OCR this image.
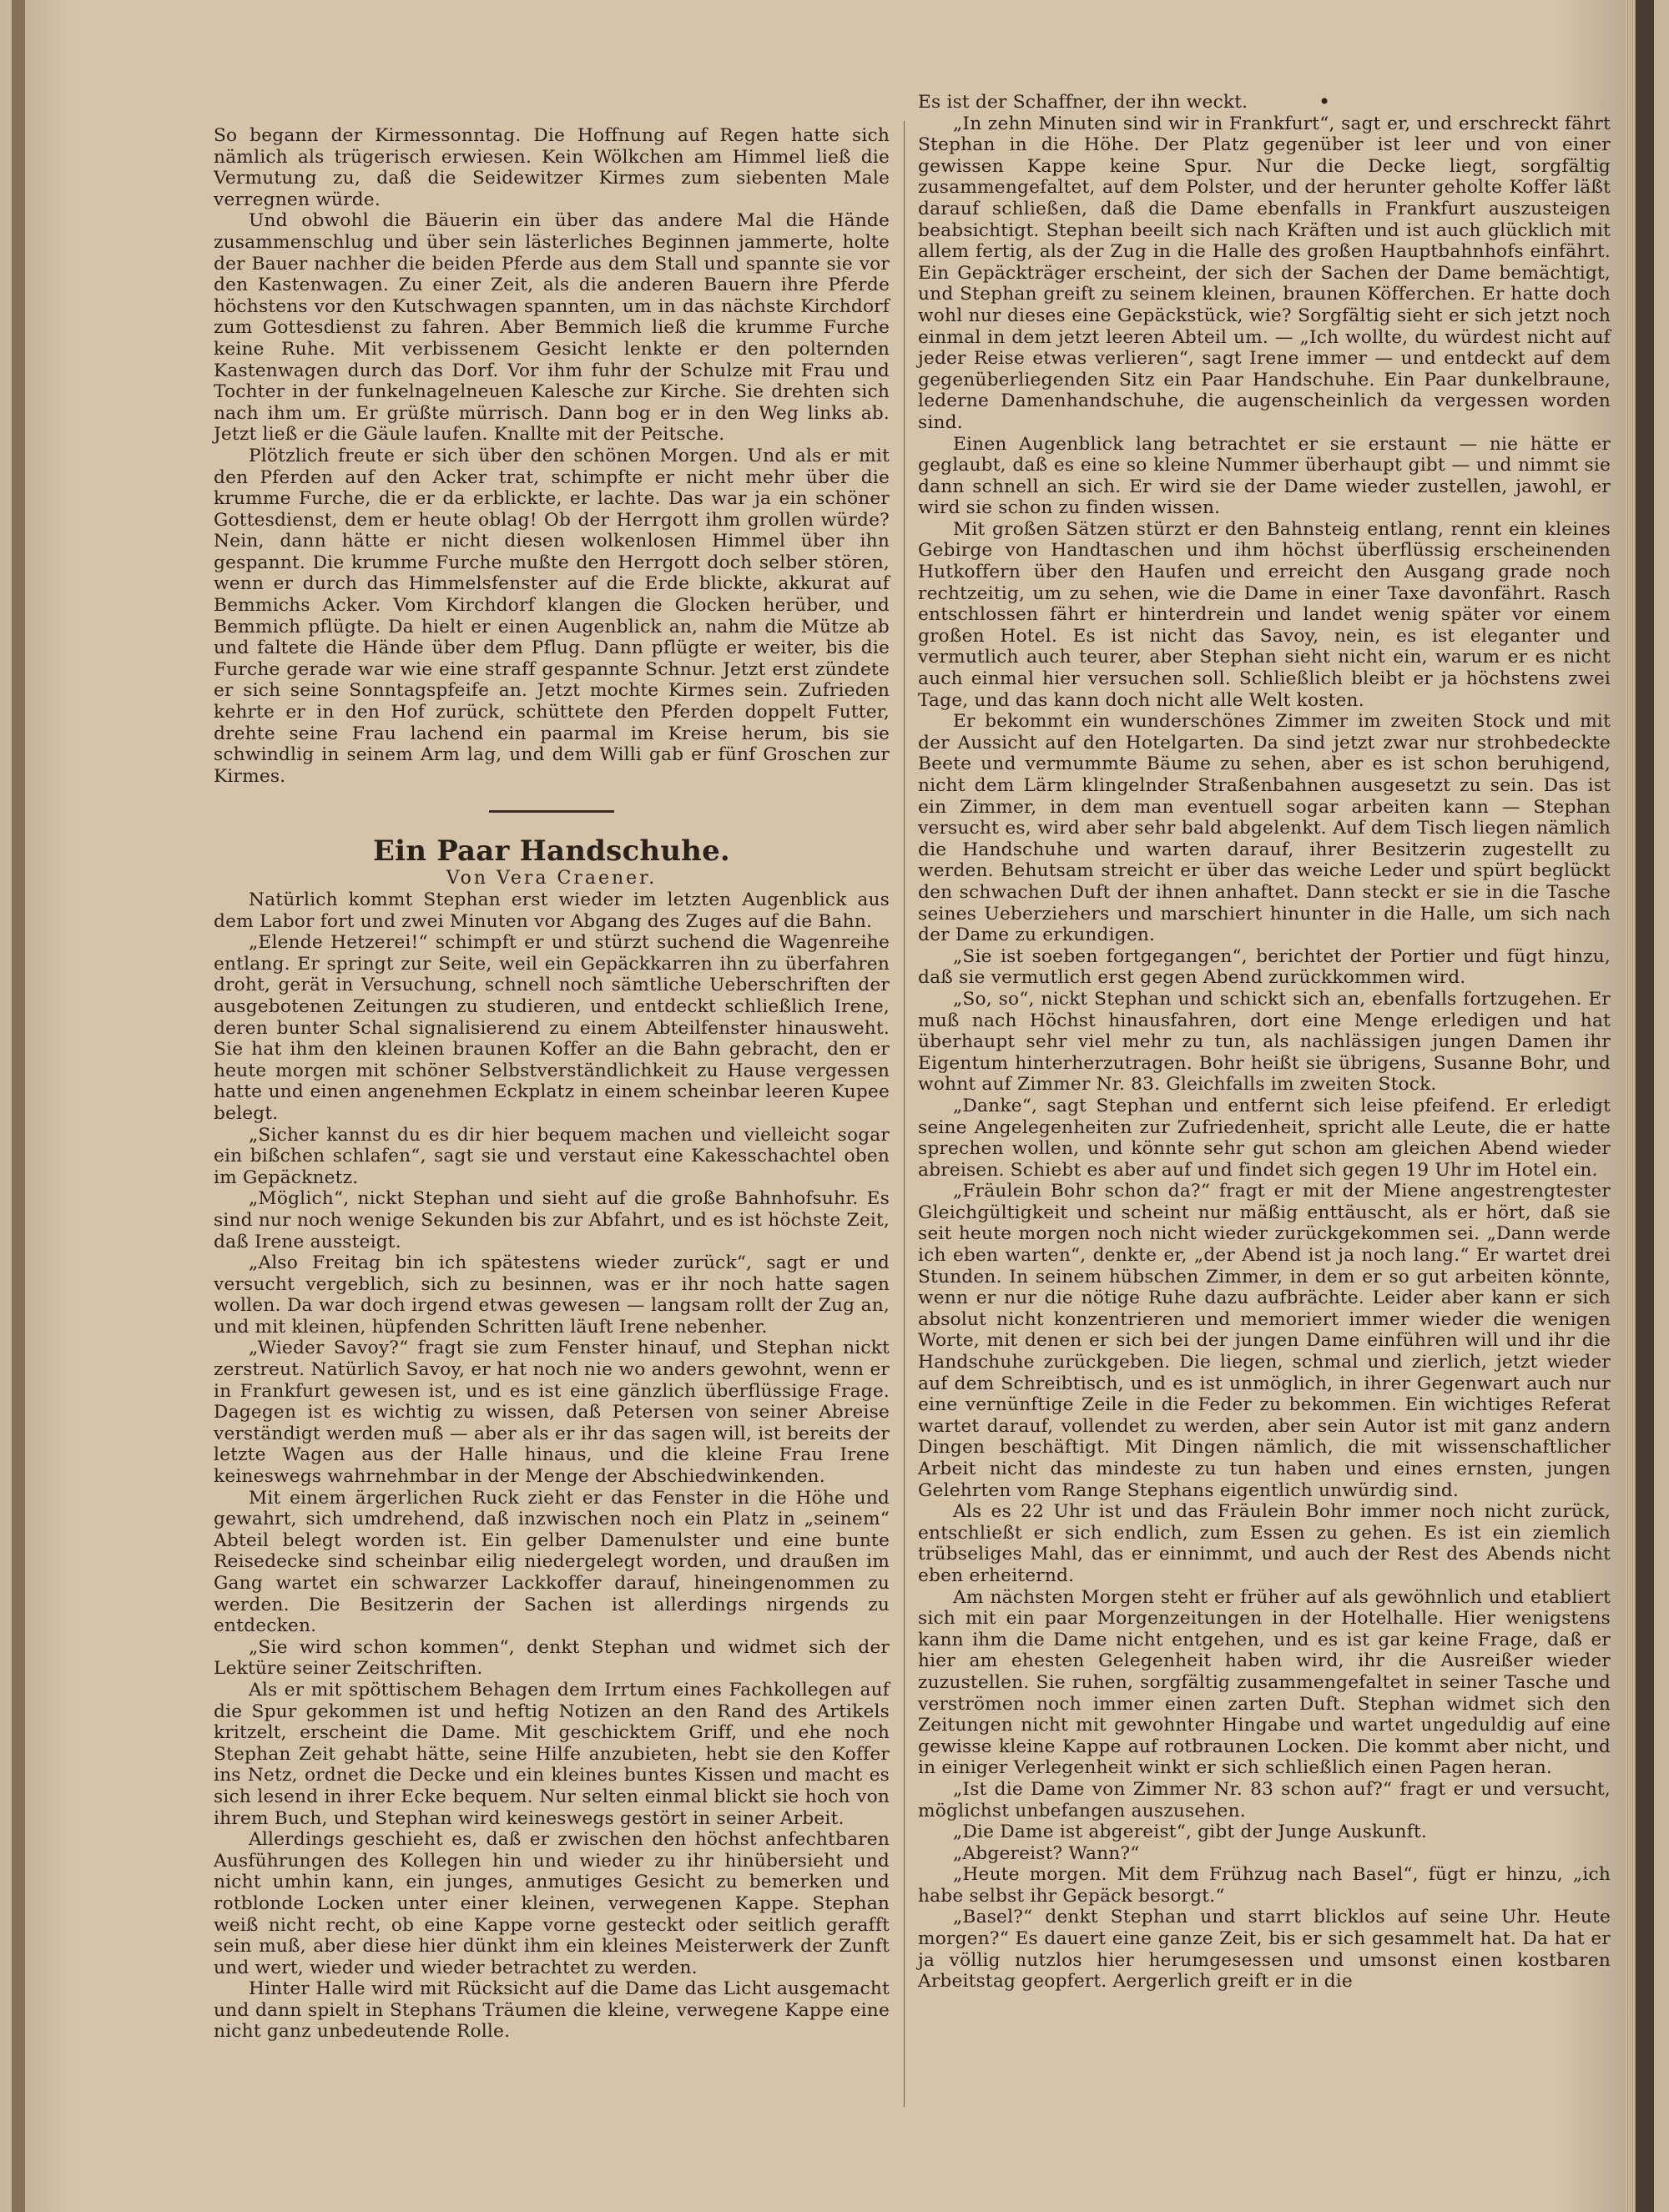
•

So begann der Kirmessonntag. Die Hoffnung auf Regen hatte sich nämlich als trügerisch erwiesen. Kein Wölkchen am Himmel ließ die Vermutung zu, daß die Seidewitzer Kirmes zum siebenten Male verregnen würde.

Und obwohl die Bäuerin ein über das andere Mal die Hände zusammenschlug und über sein lästerliches Beginnen jammerte, holte der Bauer nachher die beiden Pferde aus dem Stall und spannte sie vor den Kastenwagen. Zu einer Zeit, als die anderen Bauern ihre Pferde höchstens vor den Kutschwagen spannten, um in das nächste Kirchdorf zum Gottesdienst zu fahren. Aber Bemmich ließ die krumme Furche keine Ruhe. Mit verbissenem Gesicht lenkte er den polternden Kastenwagen durch das Dorf. Vor ihm fuhr der Schulze mit Frau und Tochter in der funkelnagelneuen Kalesche zur Kirche. Sie drehten sich nach ihm um. Er grüßte mürrisch. Dann bog er in den Weg links ab. Jetzt ließ er die Gäule laufen. Knallte mit der Peitsche.

Plötzlich freute er sich über den schönen Morgen. Und als er mit den Pferden auf den Acker trat, schimpfte er nicht mehr über die krumme Furche, die er da erblickte, er lachte. Das war ja ein schöner Gottesdienst, dem er heute oblag! Ob der Herrgott ihm grollen würde? Nein, dann hätte er nicht diesen wolkenlosen Himmel über ihn gespannt. Die krumme Furche mußte den Herrgott doch selber stören, wenn er durch das Himmelsfenster auf die Erde blickte, akkurat auf Bemmichs Acker. Vom Kirchdorf klangen die Glocken herüber, und Bemmich pflügte. Da hielt er einen Augenblick an, nahm die Mütze ab und faltete die Hände über dem Pflug. Dann pflügte er weiter, bis die Furche gerade war wie eine straff gespannte Schnur. Jetzt erst zündete er sich seine Sonntagspfeife an. Jetzt mochte Kirmes sein. Zufrieden kehrte er in den Hof zurück, schüttete den Pferden doppelt Futter, drehte seine Frau lachend ein paarmal im Kreise herum, bis sie schwindlig in seinem Arm lag, und dem Willi gab er fünf Groschen zur Kirmes.

Ein Paar Handschuhe.

Von Vera Craener.

Natürlich kommt Stephan erst wieder im letzten Augenblick aus dem Labor fort und zwei Minuten vor Abgang des Zuges auf die Bahn.

„Elende Hetzerei!“ schimpft er und stürzt suchend die Wagenreihe entlang. Er springt zur Seite, weil ein Gepäckkarren ihn zu überfahren droht, gerät in Versuchung, schnell noch sämtliche Ueberschriften der ausgebotenen Zeitungen zu studieren, und entdeckt schließlich Irene, deren bunter Schal signalisierend zu einem Abteilfenster hinausweht. Sie hat ihm den kleinen braunen Koffer an die Bahn gebracht, den er heute morgen mit schöner Selbstverständlichkeit zu Hause vergessen hatte und einen angenehmen Eckplatz in einem scheinbar leeren Kupee belegt.

„Sicher kannst du es dir hier bequem machen und vielleicht sogar ein bißchen schlafen“, sagt sie und verstaut eine Kakesschachtel oben im Gepäcknetz.

„Möglich“, nickt Stephan und sieht auf die große Bahnhofsuhr. Es sind nur noch wenige Sekunden bis zur Abfahrt, und es ist höchste Zeit, daß Irene aussteigt.

„Also Freitag bin ich spätestens wieder zurück“, sagt er und versucht vergeblich, sich zu besinnen, was er ihr noch hatte sagen wollen. Da war doch irgend etwas gewesen — langsam rollt der Zug an, und mit kleinen, hüpfenden Schritten läuft Irene nebenher.

„Wieder Savoy?“ fragt sie zum Fenster hinauf, und Stephan nickt zerstreut. Natürlich Savoy, er hat noch nie wo anders gewohnt, wenn er in Frankfurt gewesen ist, und es ist eine gänzlich überflüssige Frage. Dagegen ist es wichtig zu wissen, daß Petersen von seiner Abreise verständigt werden muß — aber als er ihr das sagen will, ist bereits der letzte Wagen aus der Halle hinaus, und die kleine Frau Irene keineswegs wahrnehmbar in der Menge der Abschiedwinkenden.

Mit einem ärgerlichen Ruck zieht er das Fenster in die Höhe und gewahrt, sich umdrehend, daß inzwischen noch ein Platz in „seinem“ Abteil belegt worden ist. Ein gelber Damenulster und eine bunte Reisedecke sind scheinbar eilig niedergelegt worden, und draußen im Gang wartet ein schwarzer Lackkoffer darauf, hineingenommen zu werden. Die Besitzerin der Sachen ist allerdings nirgends zu entdecken.

„Sie wird schon kommen“, denkt Stephan und widmet sich der Lektüre seiner Zeitschriften.

Als er mit spöttischem Behagen dem Irrtum eines Fachkollegen auf die Spur gekommen ist und heftig Notizen an den Rand des Artikels kritzelt, erscheint die Dame. Mit geschicktem Griff, und ehe noch Stephan Zeit gehabt hätte, seine Hilfe anzubieten, hebt sie den Koffer ins Netz, ordnet die Decke und ein kleines buntes Kissen und macht es sich lesend in ihrer Ecke bequem. Nur selten einmal blickt sie hoch von ihrem Buch, und Stephan wird keineswegs gestört in seiner Arbeit.

Allerdings geschieht es, daß er zwischen den höchst anfechtbaren Ausführungen des Kollegen hin und wieder zu ihr hinübersieht und nicht umhin kann, ein junges, anmutiges Gesicht zu bemerken und rotblonde Locken unter einer kleinen, verwegenen Kappe. Stephan weiß nicht recht, ob eine Kappe vorne gesteckt oder seitlich gerafft sein muß, aber diese hier dünkt ihm ein kleines Meisterwerk der Zunft und wert, wieder und wieder betrachtet zu werden.

Hinter Halle wird mit Rücksicht auf die Dame das Licht ausgemacht und dann spielt in Stephans Träumen die kleine, verwegene Kappe eine nicht ganz unbedeutende Rolle.

Es ist der Schaffner, der ihn weckt.

„In zehn Minuten sind wir in Frankfurt“, sagt er, und erschreckt fährt Stephan in die Höhe. Der Platz gegenüber ist leer und von einer gewissen Kappe keine Spur. Nur die Decke liegt, sorgfältig zusammengefaltet, auf dem Polster, und der herunter geholte Koffer läßt darauf schließen, daß die Dame ebenfalls in Frankfurt auszusteigen beabsichtigt. Stephan beeilt sich nach Kräften und ist auch glücklich mit allem fertig, als der Zug in die Halle des großen Hauptbahnhofs einfährt. Ein Gepäckträger erscheint, der sich der Sachen der Dame bemächtigt, und Stephan greift zu seinem kleinen, braunen Köfferchen. Er hatte doch wohl nur dieses eine Gepäckstück, wie? Sorgfältig sieht er sich jetzt noch einmal in dem jetzt leeren Abteil um. — „Ich wollte, du würdest nicht auf jeder Reise etwas verlieren“, sagt Irene immer — und entdeckt auf dem gegenüberliegenden Sitz ein Paar Handschuhe. Ein Paar dunkelbraune, lederne Damenhandschuhe, die augenscheinlich da vergessen worden sind.

Einen Augenblick lang betrachtet er sie erstaunt — nie hätte er geglaubt, daß es eine so kleine Nummer überhaupt gibt — und nimmt sie dann schnell an sich. Er wird sie der Dame wieder zustellen, jawohl, er wird sie schon zu finden wissen.

Mit großen Sätzen stürzt er den Bahnsteig entlang, rennt ein kleines Gebirge von Handtaschen und ihm höchst überflüssig erscheinenden Hutkoffern über den Haufen und erreicht den Ausgang grade noch rechtzeitig, um zu sehen, wie die Dame in einer Taxe davonfährt. Rasch entschlossen fährt er hinterdrein und landet wenig später vor einem großen Hotel. Es ist nicht das Savoy, nein, es ist eleganter und vermutlich auch teurer, aber Stephan sieht nicht ein, warum er es nicht auch einmal hier versuchen soll. Schließlich bleibt er ja höchstens zwei Tage, und das kann doch nicht alle Welt kosten.

Er bekommt ein wunderschönes Zimmer im zweiten Stock und mit der Aussicht auf den Hotelgarten. Da sind jetzt zwar nur strohbedeckte Beete und vermummte Bäume zu sehen, aber es ist schon beruhigend, nicht dem Lärm klingelnder Straßenbahnen ausgesetzt zu sein. Das ist ein Zimmer, in dem man eventuell sogar arbeiten kann — Stephan versucht es, wird aber sehr bald abgelenkt. Auf dem Tisch liegen nämlich die Handschuhe und warten darauf, ihrer Besitzerin zugestellt zu werden. Behutsam streicht er über das weiche Leder und spürt beglückt den schwachen Duft der ihnen anhaftet. Dann steckt er sie in die Tasche seines Ueberziehers und marschiert hinunter in die Halle, um sich nach der Dame zu erkundigen.

„Sie ist soeben fortgegangen“, berichtet der Portier und fügt hinzu, daß sie vermutlich erst gegen Abend zurückkommen wird.

„So, so“, nickt Stephan und schickt sich an, ebenfalls fortzugehen. Er muß nach Höchst hinausfahren, dort eine Menge erledigen und hat überhaupt sehr viel mehr zu tun, als nachlässigen jungen Damen ihr Eigentum hinterherzutragen. Bohr heißt sie übrigens, Susanne Bohr, und wohnt auf Zimmer Nr. 83. Gleichfalls im zweiten Stock.

„Danke“, sagt Stephan und entfernt sich leise pfeifend. Er erledigt seine Angelegenheiten zur Zufriedenheit, spricht alle Leute, die er hatte sprechen wollen, und könnte sehr gut schon am gleichen Abend wieder abreisen. Schiebt es aber auf und findet sich gegen 19 Uhr im Hotel ein.

„Fräulein Bohr schon da?“ fragt er mit der Miene angestrengtester Gleichgültigkeit und scheint nur mäßig enttäuscht, als er hört, daß sie seit heute morgen noch nicht wieder zurückgekommen sei. „Dann werde ich eben warten“, denkte er, „der Abend ist ja noch lang.“ Er wartet drei Stunden. In seinem hübschen Zimmer, in dem er so gut arbeiten könnte, wenn er nur die nötige Ruhe dazu aufbrächte. Leider aber kann er sich absolut nicht konzentrieren und memoriert immer wieder die wenigen Worte, mit denen er sich bei der jungen Dame einführen will und ihr die Handschuhe zurückgeben. Die liegen, schmal und zierlich, jetzt wieder auf dem Schreibtisch, und es ist unmöglich, in ihrer Gegenwart auch nur eine vernünftige Zeile in die Feder zu bekommen. Ein wichtiges Referat wartet darauf, vollendet zu werden, aber sein Autor ist mit ganz andern Dingen beschäftigt. Mit Dingen nämlich, die mit wissenschaftlicher Arbeit nicht das mindeste zu tun haben und eines ernsten, jungen Gelehrten vom Range Stephans eigentlich unwürdig sind.

Als es 22 Uhr ist und das Fräulein Bohr immer noch nicht zurück, entschließt er sich endlich, zum Essen zu gehen. Es ist ein ziemlich trübseliges Mahl, das er einnimmt, und auch der Rest des Abends nicht eben erheiternd.

Am nächsten Morgen steht er früher auf als gewöhnlich und etabliert sich mit ein paar Morgenzeitungen in der Hotelhalle. Hier wenigstens kann ihm die Dame nicht entgehen, und es ist gar keine Frage, daß er hier am ehesten Gelegenheit haben wird, ihr die Ausreißer wieder zuzustellen. Sie ruhen, sorgfältig zusammengefaltet in seiner Tasche und verströmen noch immer einen zarten Duft. Stephan widmet sich den Zeitungen nicht mit gewohnter Hingabe und wartet ungeduldig auf eine gewisse kleine Kappe auf rotbraunen Locken. Die kommt aber nicht, und in einiger Verlegenheit winkt er sich schließlich einen Pagen heran.

„Ist die Dame von Zimmer Nr. 83 schon auf?“ fragt er und versucht, möglichst unbefangen auszusehen.

„Die Dame ist abgereist“, gibt der Junge Auskunft.

„Abgereist? Wann?“

„Heute morgen. Mit dem Frühzug nach Basel“, fügt er hinzu, „ich habe selbst ihr Gepäck besorgt.“

„Basel?“ denkt Stephan und starrt blicklos auf seine Uhr. Heute morgen?“ Es dauert eine ganze Zeit, bis er sich gesammelt hat. Da hat er ja völlig nutzlos hier herumgesessen und umsonst einen kostbaren Arbeitstag geopfert. Aergerlich greift er in die
